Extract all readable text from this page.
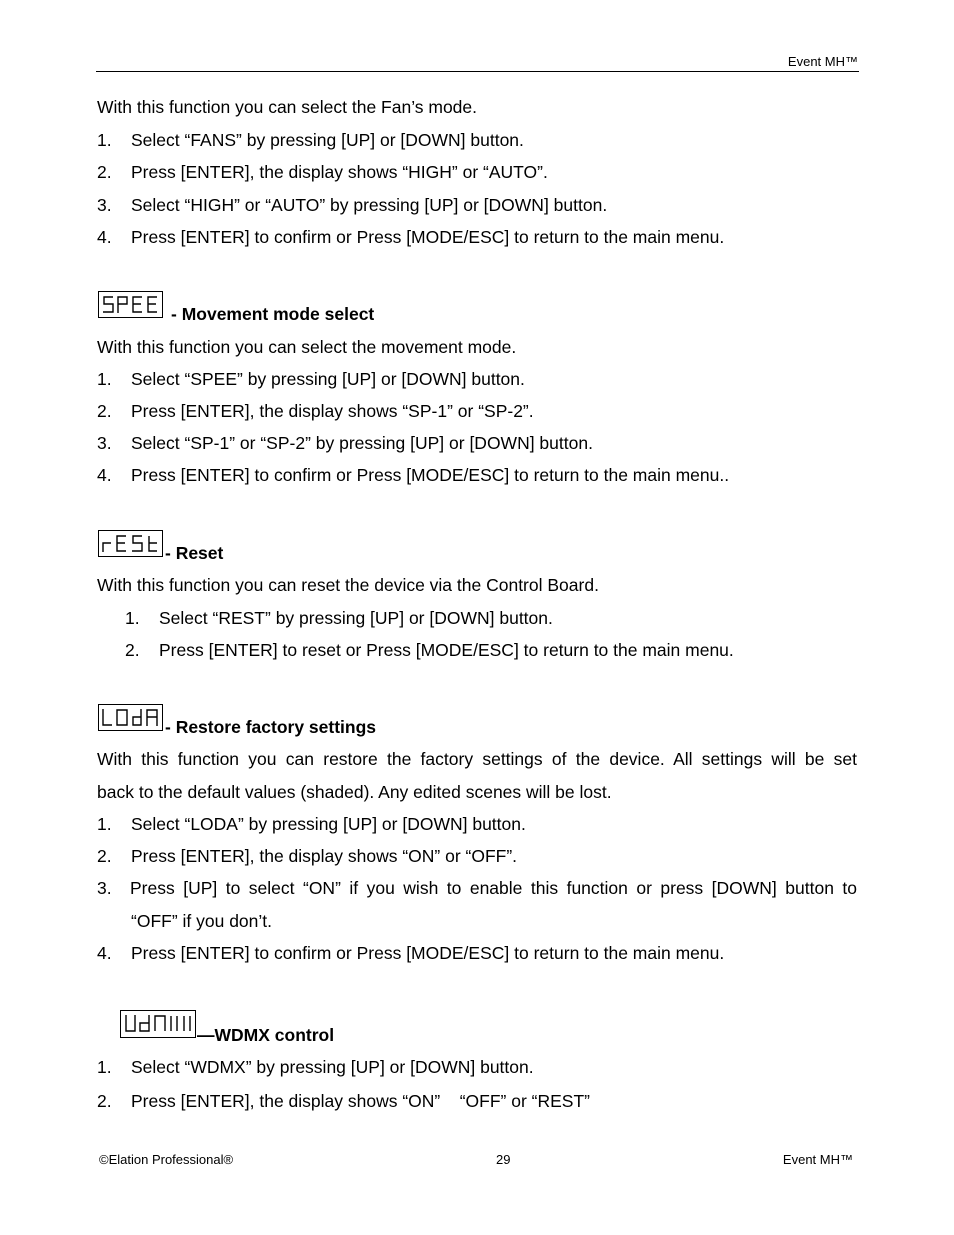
Event MH™
With this function you can select the Fan’s mode.
1. Select “FANS” by pressing [UP] or [DOWN] button.
2. Press [ENTER], the display shows “HIGH” or “AUTO”.
3. Select “HIGH” or “AUTO” by pressing [UP] or [DOWN] button.
4. Press [ENTER] to confirm or Press [MODE/ESC] to return to the main menu.
- Movement mode select
With this function you can select the movement mode.
1. Select “SPEE” by pressing [UP] or [DOWN] button.
2. Press [ENTER], the display shows “SP-1” or “SP-2”.
3. Select “SP-1” or “SP-2” by pressing [UP] or [DOWN] button.
4. Press [ENTER] to confirm or Press [MODE/ESC] to return to the main menu..
- Reset
With this function you can reset the device via the Control Board.
1. Select “REST” by pressing [UP] or [DOWN] button.
2. Press [ENTER] to reset or Press [MODE/ESC] to return to the main menu.
- Restore factory settings
With this function you can restore the factory settings of the device. All settings will be set
back to the default values (shaded). Any edited scenes will be lost.
1. Select “LODA” by pressing [UP] or [DOWN] button.
2. Press [ENTER], the display shows “ON” or “OFF”.
3. Press [UP] to select “ON” if you wish to enable this function or press [DOWN] button to
“OFF” if you don’t.
4. Press [ENTER] to confirm or Press [MODE/ESC] to return to the main menu.
—WDMX control
1. Select “WDMX” by pressing [UP] or [DOWN] button.
2. Press [ENTER], the display shows “ON”    “OFF” or “REST”
©Elation Professional®	29	Event MH™
